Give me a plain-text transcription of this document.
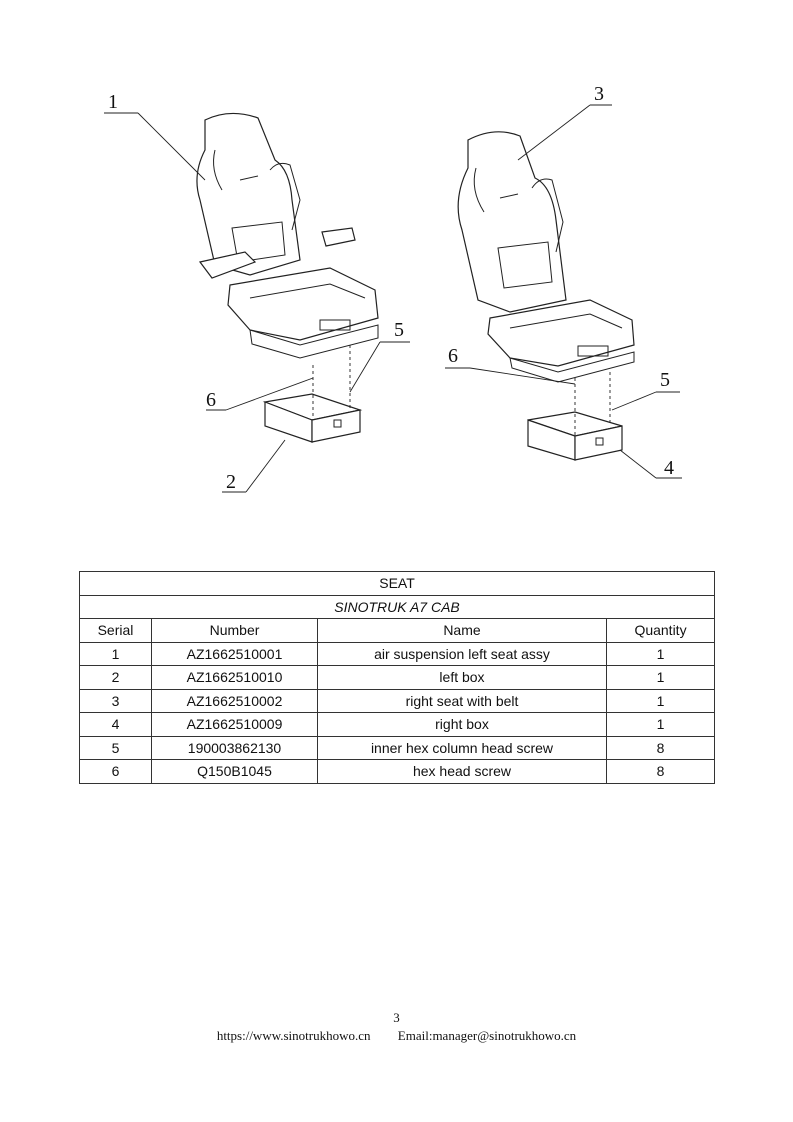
1
6
5
2
3
6
5
4
SEAT			
SINOTRUK A7 CAB			
Serial	Number	Name	Quantity
1	AZ1662510001	air suspension left seat assy	1
2	AZ1662510010	left box	1
3	AZ1662510002	right seat with belt	1
4	AZ1662510009	right box	1
5	190003862130	inner hex column head screw	8
6	Q150B1045	hex head screw	8
3
https://www.sinotrukhowo.cn Email:manager@sinotrukhowo.cn
